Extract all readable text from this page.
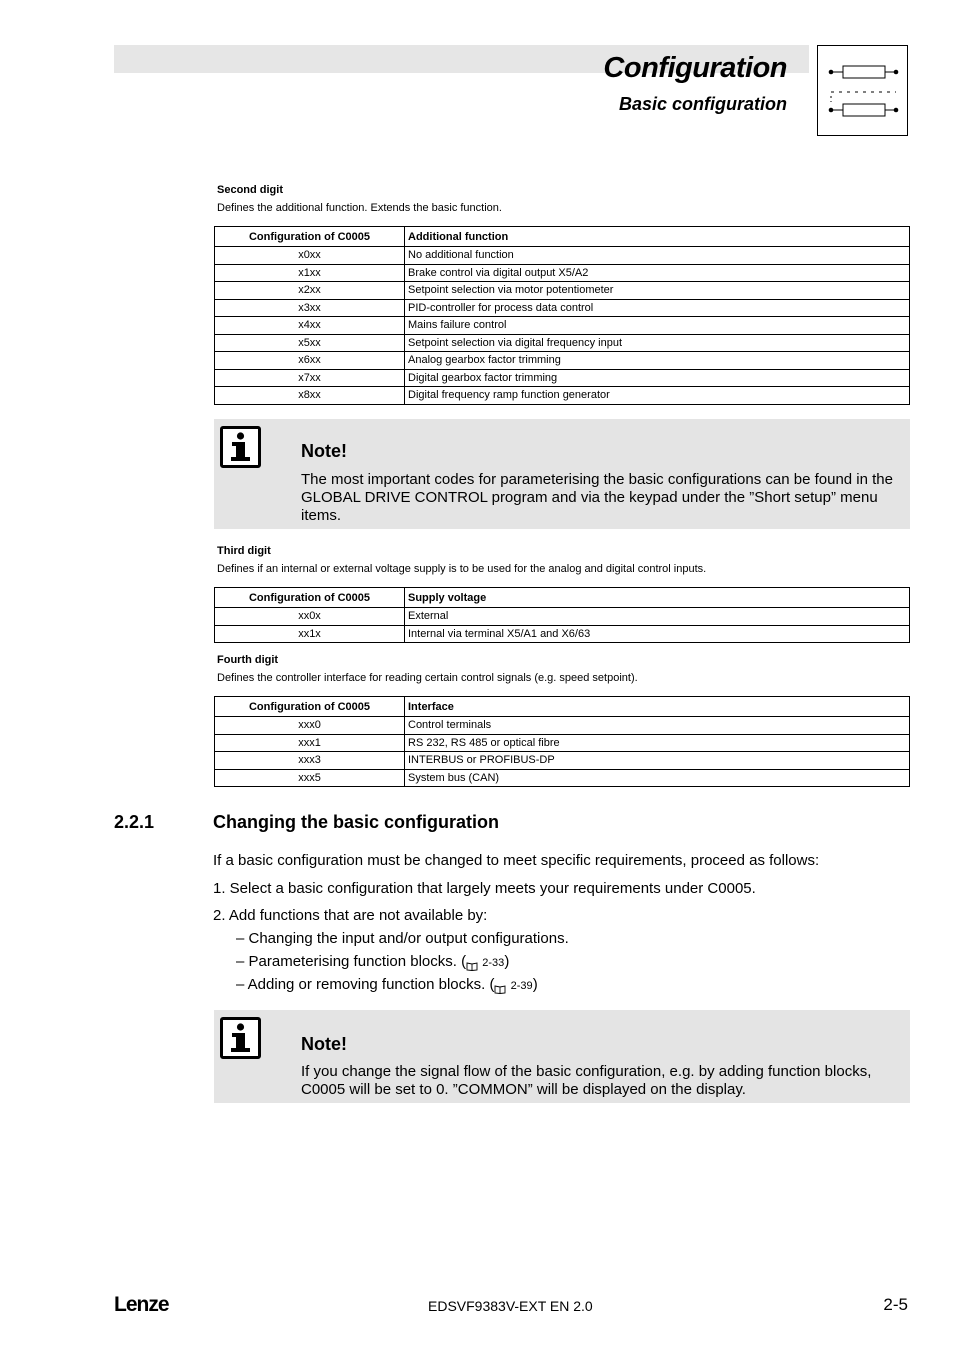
Configuration
Basic configuration
Second digit
Defines the additional function. Extends the basic function.
Configuration of C0005	Additional function
x0xx	No additional function
x1xx	Brake control via digital output X5/A2
x2xx	Setpoint selection via motor potentiometer
x3xx	PID-controller for process data control
x4xx	Mains failure control
x5xx	Setpoint selection via digital frequency input
x6xx	Analog gearbox factor trimming
x7xx	Digital gearbox factor trimming
x8xx	Digital frequency ramp function generator
Note!
The most important codes for parameterising the basic configurations can be found in the GLOBAL DRIVE CONTROL program and via the keypad under the ”Short setup” menu items.
Third digit
Defines if an internal or external voltage supply is to be used for the analog and digital control inputs.
Configuration of C0005	Supply voltage
xx0x	External
xx1x	Internal via terminal X5/A1 and X6/63
Fourth digit
Defines the controller interface for reading certain control signals (e.g. speed setpoint).
Configuration of C0005	Interface
xxx0	Control terminals
xxx1	RS 232, RS 485 or optical fibre
xxx3	INTERBUS or PROFIBUS-DP
xxx5	System bus (CAN)
2.2.1	Changing the basic configuration
If a basic configuration must be changed to meet specific requirements, proceed as follows:
1. Select a basic configuration that largely meets your requirements under C0005.
2. Add functions that are not available by:
– Changing the input and/or output configurations.
– Parameterising function blocks. ( 2-33)
– Adding or removing function blocks. ( 2-39)
Note!
If you change the signal flow of the basic configuration, e.g. by adding function blocks, C0005 will be set to 0. ”COMMON” will be displayed on the display.
Lenze	EDSVF9383V-EXT EN 2.0	2-5
